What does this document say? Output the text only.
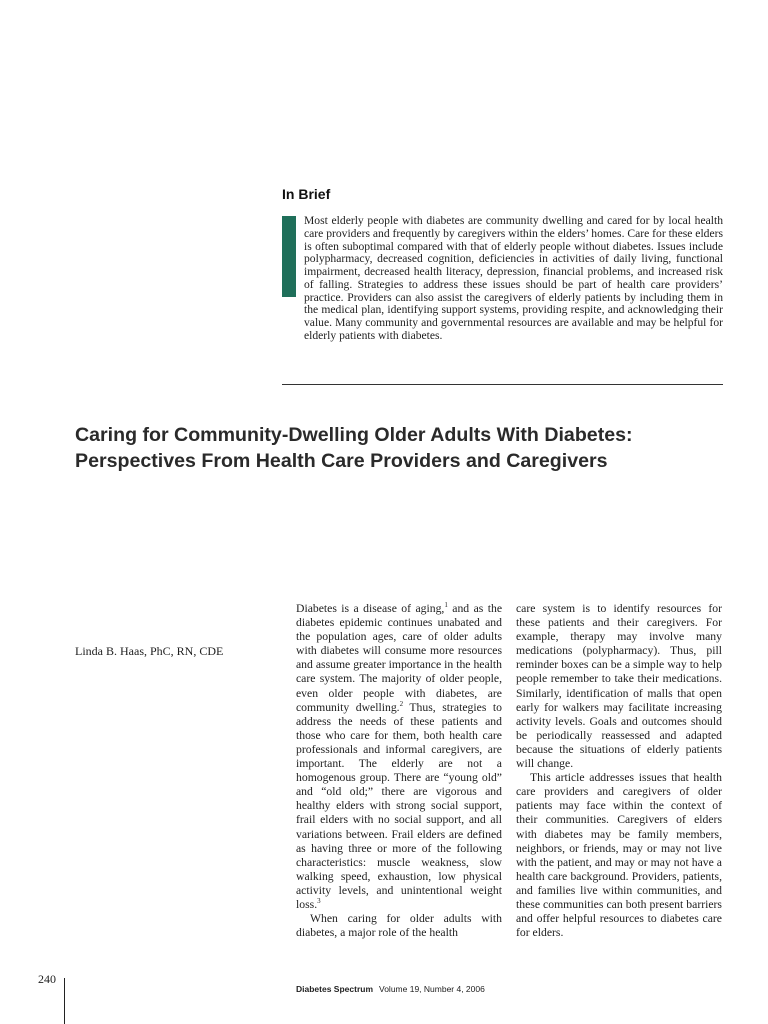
In Brief

Most elderly people with diabetes are community dwelling and cared for by local health care providers and frequently by caregivers within the elders’ homes. Care for these elders is often suboptimal compared with that of elderly people without diabetes. Issues include polypharmacy, decreased cognition, deficiencies in activities of daily living, functional impairment, decreased health literacy, depression, financial problems, and increased risk of falling. Strategies to address these issues should be part of health care providers’ practice. Providers can also assist the caregivers of elderly patients by including them in the medical plan, identifying support systems, providing respite, and acknowledging their value. Many community and governmental resources are available and may be helpful for elderly patients with diabetes.

Caring for Community-Dwelling Older Adults With Diabetes: Perspectives From Health Care Providers and Caregivers

Linda B. Haas, PhC, RN, CDE

Diabetes is a disease of aging,$^1$ and as the diabetes epidemic continues unabated and the population ages, care of older adults with diabetes will consume more resources and assume greater importance in the health care system. The majority of older people, even older people with diabetes, are community dwelling.$^2$ Thus, strategies to address the needs of these patients and those who care for them, both health care professionals and informal caregivers, are important. The elderly are not a homogenous group. There are “young old” and “old old;” there are vigorous and healthy elders with strong social support, frail elders with no social support, and all variations between. Frail elders are defined as having three or more of the following characteristics: muscle weakness, slow walking speed, exhaustion, low physical activity levels, and unintentional weight loss.$^3$

When caring for older adults with diabetes, a major role of the health

care system is to identify resources for these patients and their caregivers. For example, therapy may involve many medications (polypharmacy). Thus, pill reminder boxes can be a simple way to help people remember to take their medications. Similarly, identification of malls that open early for walkers may facilitate increasing activity levels. Goals and outcomes should be periodically reassessed and adapted because the situations of elderly patients will change.

This article addresses issues that health care providers and caregivers of older patients may face within the context of their communities. Caregivers of elders with diabetes may be family members, neighbors, or friends, may or may not live with the patient, and may or may not have a health care background. Providers, patients, and families live within communities, and these communities can both present barriers and offer helpful resources to diabetes care for elders.

240

Diabetes Spectrum Volume 19, Number 4, 2006
